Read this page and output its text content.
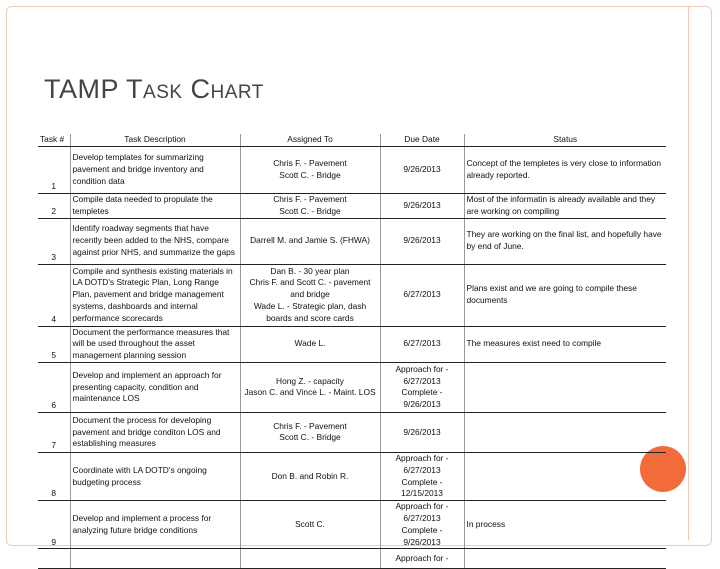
TAMP Task Chart
Task #	Task Description	Assigned To	Due Date	Status
1	Develop templates for summarizing pavement and bridge inventory and condition data	Chris F. - Pavement
Scott C. - Bridge	9/26/2013	Concept of the templetes is very close to information already reported.
2	Compile data needed to propulate the templetes	Chris F. - Pavement
Scott C. - Bridge	9/26/2013	Most of the informatin is already available and they are working on compiling
3	Identify roadway segments that have recently been added to the NHS, compare against prior NHS, and summarize the gaps	Darrell M. and Jamie S. (FHWA)	9/26/2013	They are working on the final list, and hopefully have by end of June.
4	Compile and synthesis existing materials in LA DOTD's Strategic Plan, Long Range Plan, pavement and bridge management systems, dashboards and internal performance scorecards	Dan B. - 30 year plan
Chris F. and Scott C. - pavement and bridge
Wade L. - Strategic plan, dash boards and score cards	6/27/2013	Plans exist and we are going to compile these documents
5	Document the performance measures that will be used throughout the asset management planning session	Wade L.	6/27/2013	The measures exist need to compile
6	Develop and implement an approach for presenting capacity, condition and maintenance LOS	Hong Z. - capacity
Jason C. and Vince L. - Maint. LOS	Approach for - 6/27/2013
Complete - 9/26/2013	
7	Document the process for developing pavement and bridge conditon LOS and establishing measures	Chris F. - Pavement
Scott C. - Bridge	9/26/2013	
8	Coordinate with LA DOTD's ongoing budgeting process	Don B. and Robin R.	Approach for - 6/27/2013
Complete - 12/15/2013	
9	Develop and implement a process for analyzing future bridge conditions	Scott C.	Approach for - 6/27/2013
Complete - 9/26/2013	In process
			Approach for -	
